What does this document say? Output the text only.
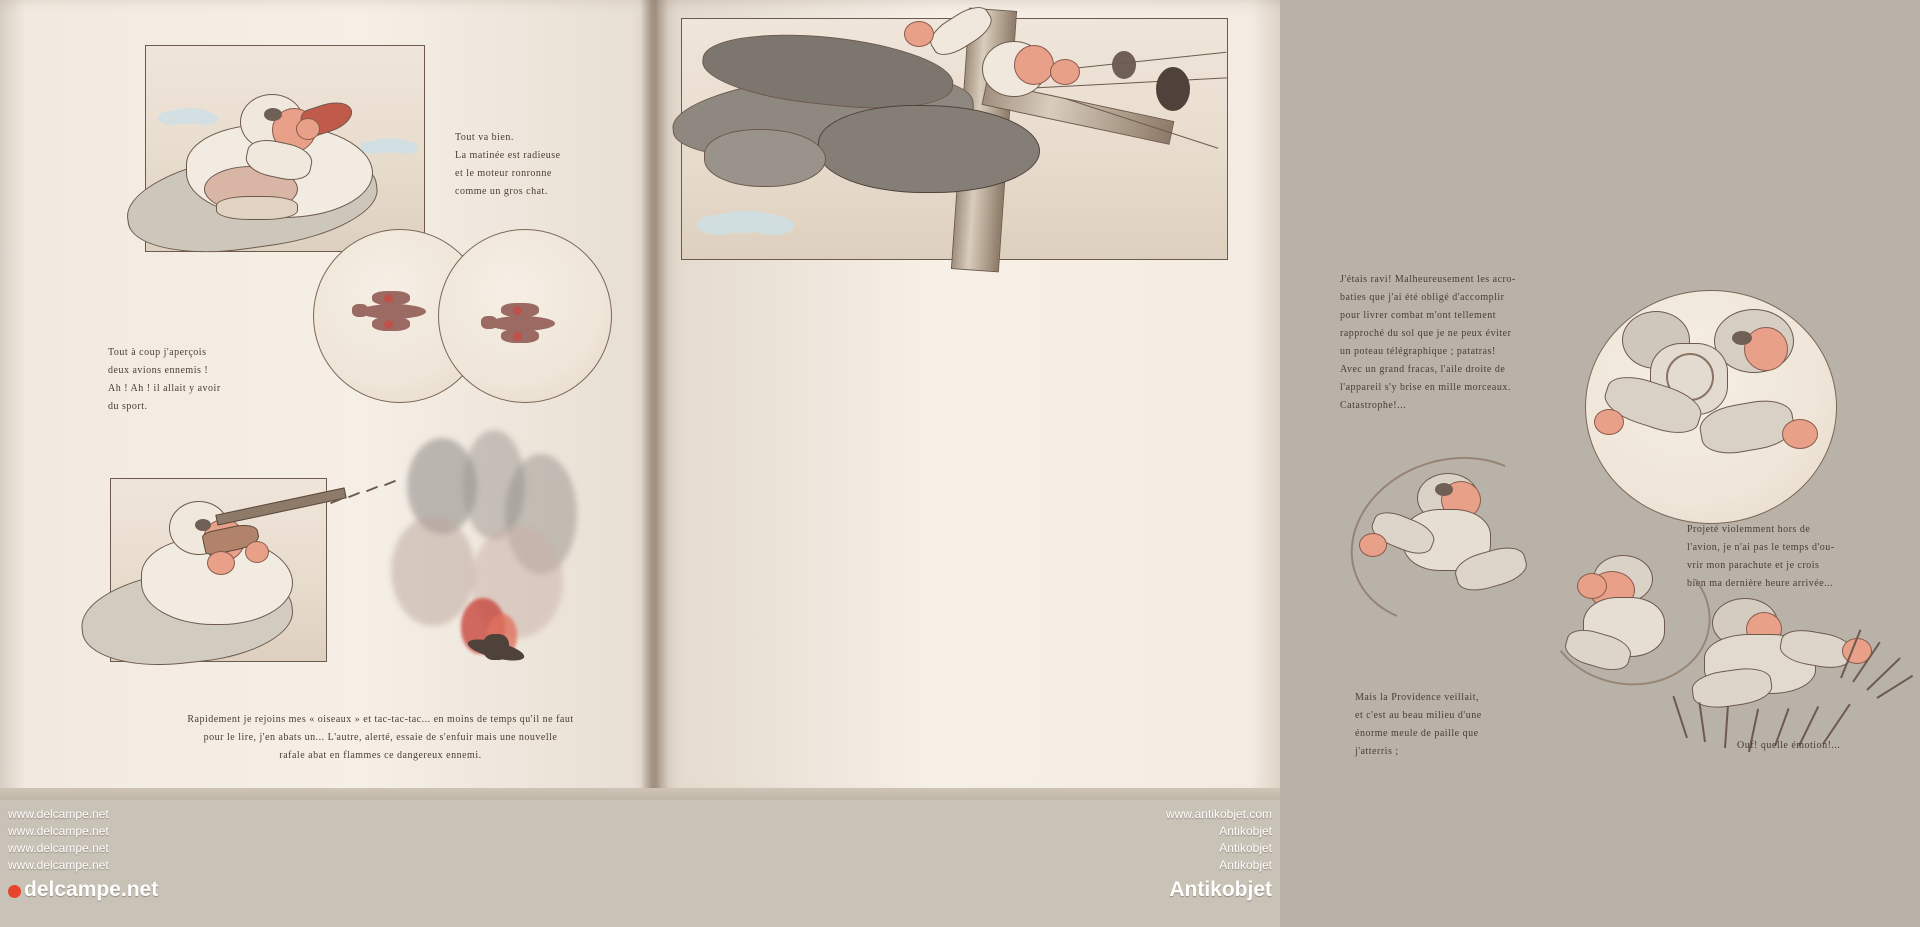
Tout va bien.

La matinée est radieuse

et le moteur ronronne

comme un gros chat.

Tout à coup j'aperçois

deux avions ennemis !

Ah ! Ah ! il allait y avoir

du sport.

Rapidement je rejoins mes « oiseaux » et tac-tac-tac... en moins de temps qu'il ne faut

pour le lire, j'en abats un... L'autre, alerté, essaie de s'enfuir mais une nouvelle

rafale abat en flammes ce dangereux ennemi.

J'étais ravi! Malheureusement les acro-

baties que j'ai été obligé d'accomplir

pour livrer combat m'ont tellement

rapproché du sol que je ne peux éviter

un poteau télégraphique ; patatras!

Avec un grand fracas, l'aile droite de

l'appareil s'y brise en mille morceaux.

Catastrophe!...

Projeté violemment hors de

l'avion, je n'ai pas le temps d'ou-

vrir mon parachute et je crois

bien ma dernière heure arrivée...

Mais la Providence veillait,

et c'est au beau milieu d'une

énorme meule de paille que

j'atterris ;

Ouf! quelle émotion!...

www.delcampe.net
www.delcampe.net
www.delcampe.net
www.delcampe.net
delcampe.net
www.antikobjet.com
Antikobjet
Antikobjet
Antikobjet
Antikobjet
